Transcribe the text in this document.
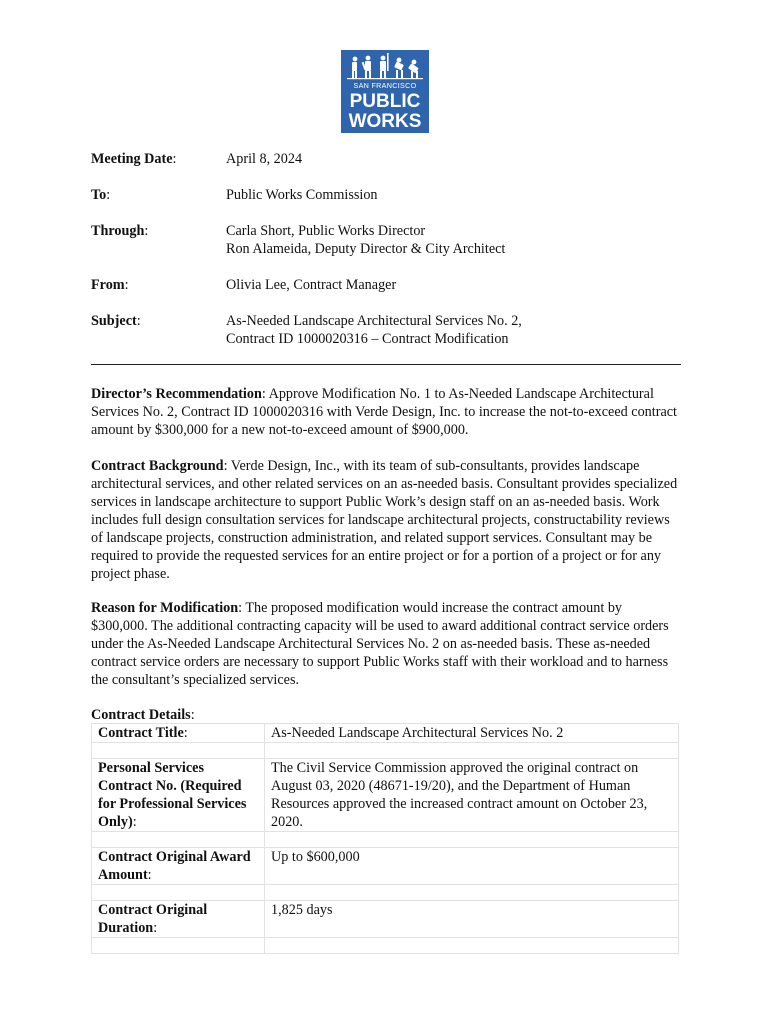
SAN FRANCISCO
PUBLIC
WORKS
Meeting Date:	April 8, 2024
To:	Public Works Commission
Through:	Carla Short, Public Works Director
Ron Alameida, Deputy Director & City Architect
From:	Olivia Lee, Contract Manager
Subject:	As-Needed Landscape Architectural Services No. 2,
Contract ID 1000020316 – Contract Modification
Director’s Recommendation: Approve Modification No. 1 to As-Needed Landscape Architectural Services No. 2, Contract ID 1000020316 with Verde Design, Inc. to increase the not-to-exceed contract amount by $300,000 for a new not-to-exceed amount of $900,000.
Contract Background: Verde Design, Inc., with its team of sub-consultants, provides landscape architectural services, and other related services on an as-needed basis. Consultant provides specialized services in landscape architecture to support Public Work’s design staff on an as-needed basis. Work includes full design consultation services for landscape architectural projects, constructability reviews of landscape projects, construction administration, and related support services. Consultant may be required to provide the requested services for an entire project or for a portion of a project or for any project phase.
Reason for Modification: The proposed modification would increase the contract amount by $300,000. The additional contracting capacity will be used to award additional contract service orders under the As-Needed Landscape Architectural Services No. 2 on as-needed basis. These as-needed contract service orders are necessary to support Public Works staff with their workload and to harness the consultant’s specialized services.
Contract Details:
Contract Title:	As-Needed Landscape Architectural Services No. 2

Personal Services Contract No. (Required for Professional Services Only):	The Civil Service Commission approved the original contract on August 03, 2020 (48671-19/20), and the Department of Human Resources approved the increased contract amount on October 23, 2020.

Contract Original Award Amount:	Up to $600,000

Contract Original Duration:	1,825 days
